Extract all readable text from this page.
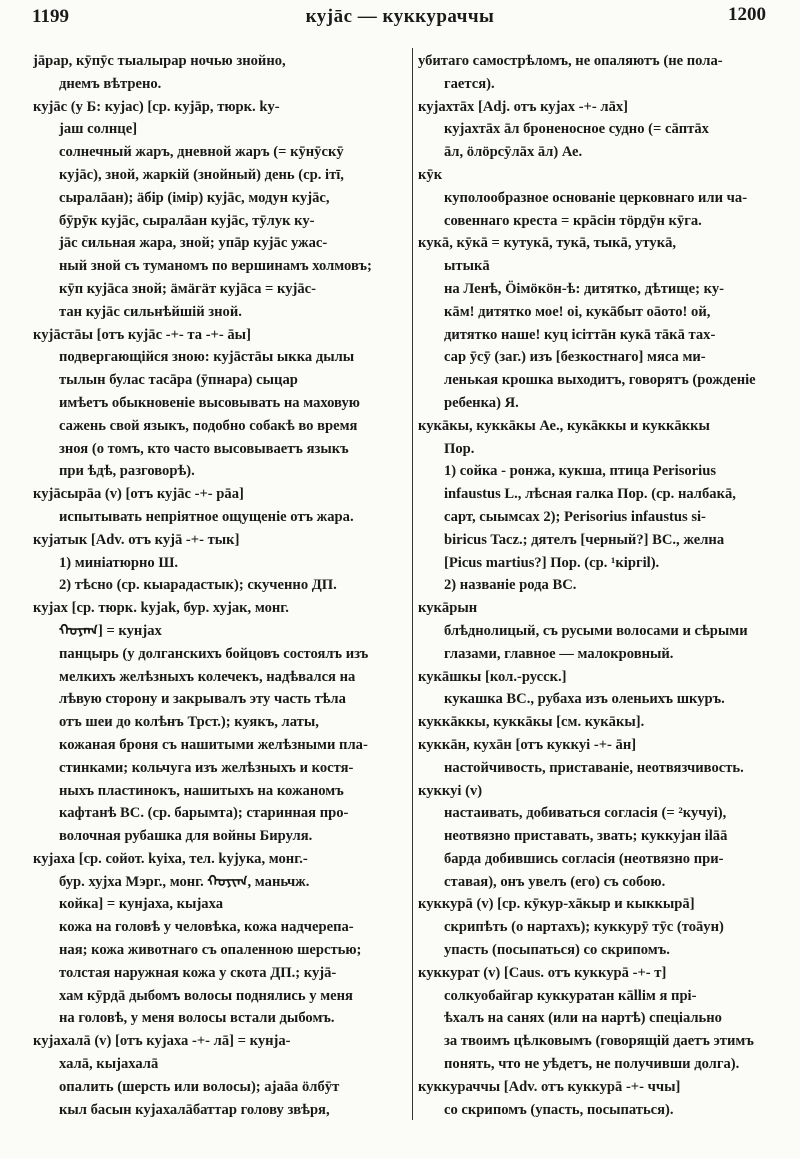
1199	кујāс — куккураччы	1200
јāрар, кӯпӯс тыалырар ночью знойно,
днемъ вѣтрено.
кујāс (у Б: кујас) [ср. кујāр, тюрк. kу-
јаш солнце]
солнечный жаръ, дневной жаръ (= кӯнӯскӯ
кујāс), зной, жаркій (знойный) день (ср. ітī,
сыралāан); äбір (імір) кујāс, модун кујāс,
бӯрӯк кујāс, сыралāан кујāс, тӯлук ку-
јāс сильная жара, зной; упāр кујāс ужас-
ный зной съ туманомъ по вершинамъ холмовъ;
кӯп кујāса зной; äмäгäт кујāса = кујāс-
тан кујāс сильнѣйшій зной.
кујāстāы [отъ кујāс -+- та -+- āы]
подвергающійся зною: кујāстāы ыкка дылы
тылын булас тасāра (ӯпнара) сыцар
имѣетъ обыкновеніе высовывать на маховую
сажень свой языкъ, подобно собакѣ во время
зноя (о томъ, кто часто высовываетъ языкъ
при ѣдѣ, разговорѣ).
кујāсырāа (v) [отъ кујāс -+- рāа]
испытывать непріятное ощущеніе отъ жара.
кујатык [Adv. отъ кујā -+- тык]
1) миніатюрно Ш.
2) тѣсно (ср. кыарадастык); скученно ДП.
кујах [ср. тюрк. kyjak, бур. хујак, монг.
ᠬᠤᠶᠠᠭ] = кунјах
панцырь (у долганскихъ бойцовъ состоялъ изъ
мелкихъ желѣзныхъ колечекъ, надѣвался на
лѣвую сторону и закрывалъ эту часть тѣла
отъ шеи до колѣнъ Трст.); куякъ, латы,
кожаная броня съ нашитыми желѣзными пла-
стинками; кольчуга изъ желѣзныхъ и костя-
ныхъ пластинокъ, нашитыхъ на кожаномъ
кафтанѣ ВС. (ср. барымта); старинная про-
волочная рубашка для войны Бируля.
кујаха [ср. сойот. kуіха, тел. kујука, монг.-
бур. хујха Мэрг., монг. ᠬᠤᠶᠢᠬ, маньчж.
койка] = кунјаха, кыјаха
кожа на головѣ у человѣка, кожа надчерепа-
ная; кожа животнаго съ опаленною шерстью;
толстая наружная кожа у скота ДП.; кујā-
хам кӯрдā дыбомъ волосы поднялись у меня
на головѣ, у меня волосы встали дыбомъ.
кујахалā (v) [отъ кујаха -+- лā] = кунја-
халā, кыјахалā
опалить (шерсть или волосы); ајаāа öлбӯт
кыл басын кујахалāбаттар голову звѣря,
убитаго самострѣломъ, не опаляютъ (не пола-
гается).
кујахтāх [Adj. отъ кујах -+- лāх]
кујахтāх āл броненосное судно (= сāптāх
āл, öлöрсӯлāх āл) Ае.
кӯк
куполообразное основаніе церковнаго или ча-
совеннаго креста = крāсін тöрдӯн кӯга.
кукā, кӯкā = кутукā, тукā, тыкā, утукā,
ытыкā
на Ленѣ, Öімöкöн-ѣ: дитятко, дѣтище; ку-
кāм! дитятко мое! оі, кукāбыт оāото! ой,
дитятко наше! куц ісіттāн кукā тāкā тах-
сар ӯсӯ (заг.) изъ [безкостнаго] мяса ми-
ленькая крошка выходитъ, говорятъ (рожденіе
ребенка) Я.
кукāкы, куккāкы Ае., кукāккы и куккāккы
Пор.
1) сойка - ронжа, кукша, птица Perisorius
infaustus L., лѣсная галка Пор. (ср. налбакā,
сарт, сыымсах 2); Perisorius infaustus si-
biricus Tacz.; дятелъ [черный?] ВС., желна
[Picus martius?] Пор. (ср. ¹кіргіl).
2) названіе рода ВС.
кукāрын
блѣднолицый, съ русыми волосами и сѣрыми
глазами, главное — малокровный.
кукāшкы [кол.-русск.]
кукашка ВС., рубаха изъ оленьихъ шкуръ.
куккāккы, куккāкы [см. кукāкы].
куккāн, кухāн [отъ куккуі -+- āн]
настойчивость, приставаніе, неотвязчивость.
куккуі (v)
настаивать, добиваться согласія (= ²кучуі),
неотвязно приставать, звать; куккујан ilāā
барда добившись согласія (неотвязно при-
ставая), онъ увелъ (его) съ собою.
куккурā (v) [ср. кӯкур-хāкыр и кыккырā]
скрипѣть (о нартахъ); куккурӯ тӯс (тоāун)
упасть (посыпаться) со скрипомъ.
куккурат (v) [Caus. отъ куккурā -+- т]
солкуобайгар куккуратан кāllім я прі-
ѣхалъ на санях (или на нартѣ) спеціально
за твоимъ цѣлковымъ (говорящій даетъ этимъ
понять, что не уѣдетъ, не получивши долга).
куккураччы [Adv. отъ куккурā -+- ччы]
со скрипомъ (упасть, посыпаться).
